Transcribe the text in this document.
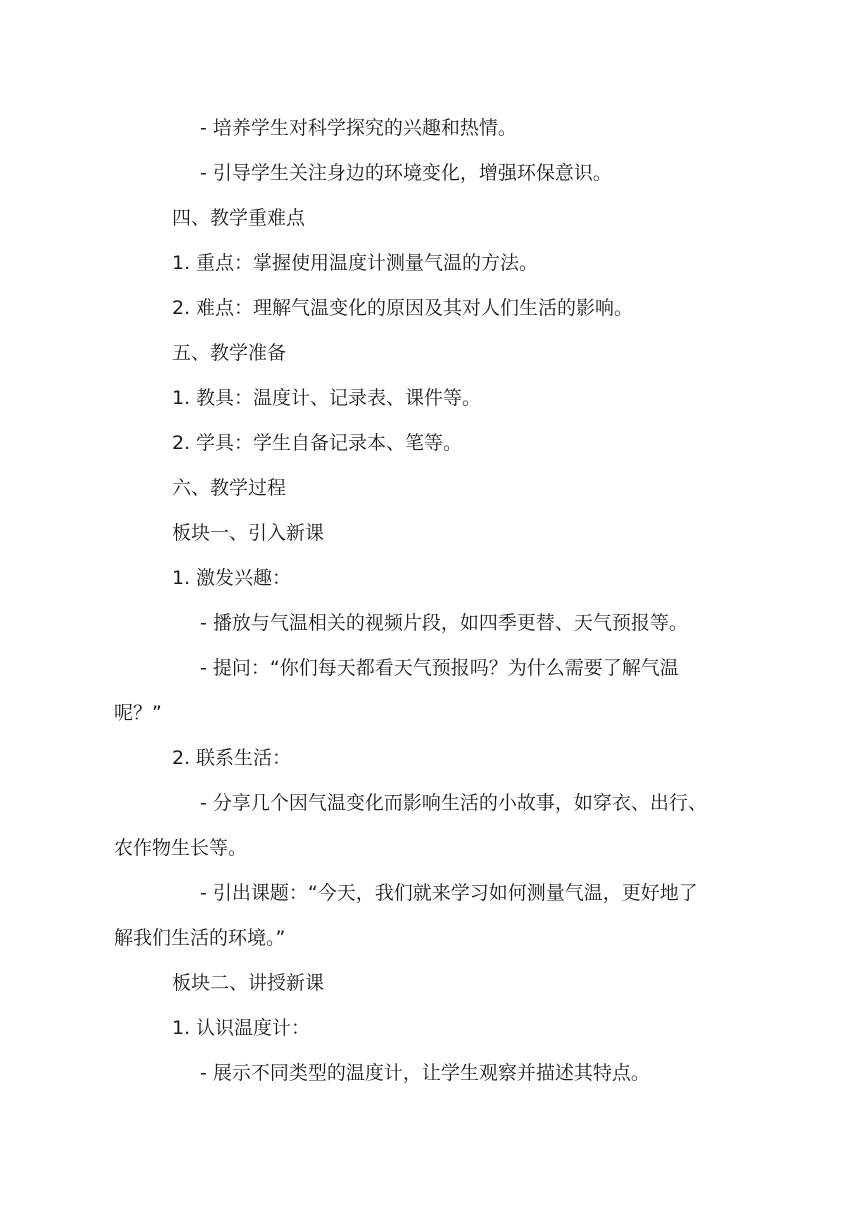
- 培养学生对科学探究的兴趣和热情。
- 引导学生关注身边的环境变化，增强环保意识。
四、教学重难点
1. 重点：掌握使用温度计测量气温的方法。
2. 难点：理解气温变化的原因及其对人们生活的影响。
五、教学准备
1. 教具：温度计、记录表、课件等。
2. 学具：学生自备记录本、笔等。
六、教学过程
板块一、引入新课
1. 激发兴趣：
- 播放与气温相关的视频片段，如四季更替、天气预报等。
- 提问：“你们每天都看天气预报吗？为什么需要了解气温
呢？”
2. 联系生活：
- 分享几个因气温变化而影响生活的小故事，如穿衣、出行、
农作物生长等。
- 引出课题：“今天，我们就来学习如何测量气温，更好地了
解我们生活的环境。”
板块二、讲授新课
1. 认识温度计：
- 展示不同类型的温度计，让学生观察并描述其特点。
